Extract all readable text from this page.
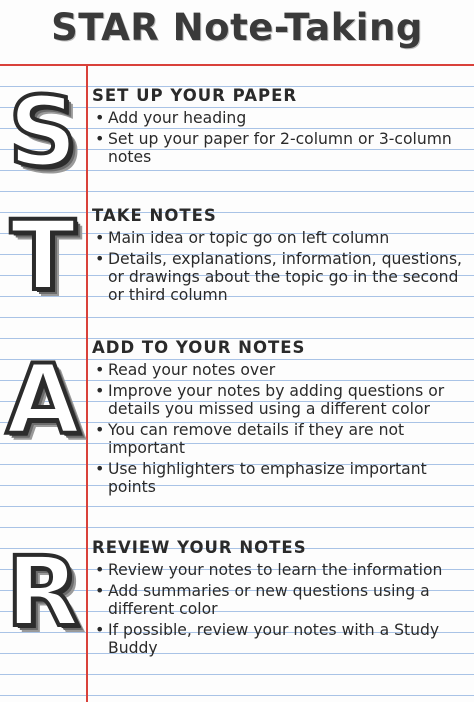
STAR Note-Taking
S SET UP YOUR PAPER
• Add your heading
• Set up your paper for 2-column or 3-column notes
T TAKE NOTES
• Main idea or topic go on left column
• Details, explanations, information, questions, or drawings about the topic go in the second or third column
A ADD TO YOUR NOTES
• Read your notes over
• Improve your notes by adding questions or details you missed using a different color
• You can remove details if they are not important
• Use highlighters to emphasize important points
R REVIEW YOUR NOTES
• Review your notes to learn the information
• Add summaries or new questions using a different color
• If possible, review your notes with a Study Buddy
